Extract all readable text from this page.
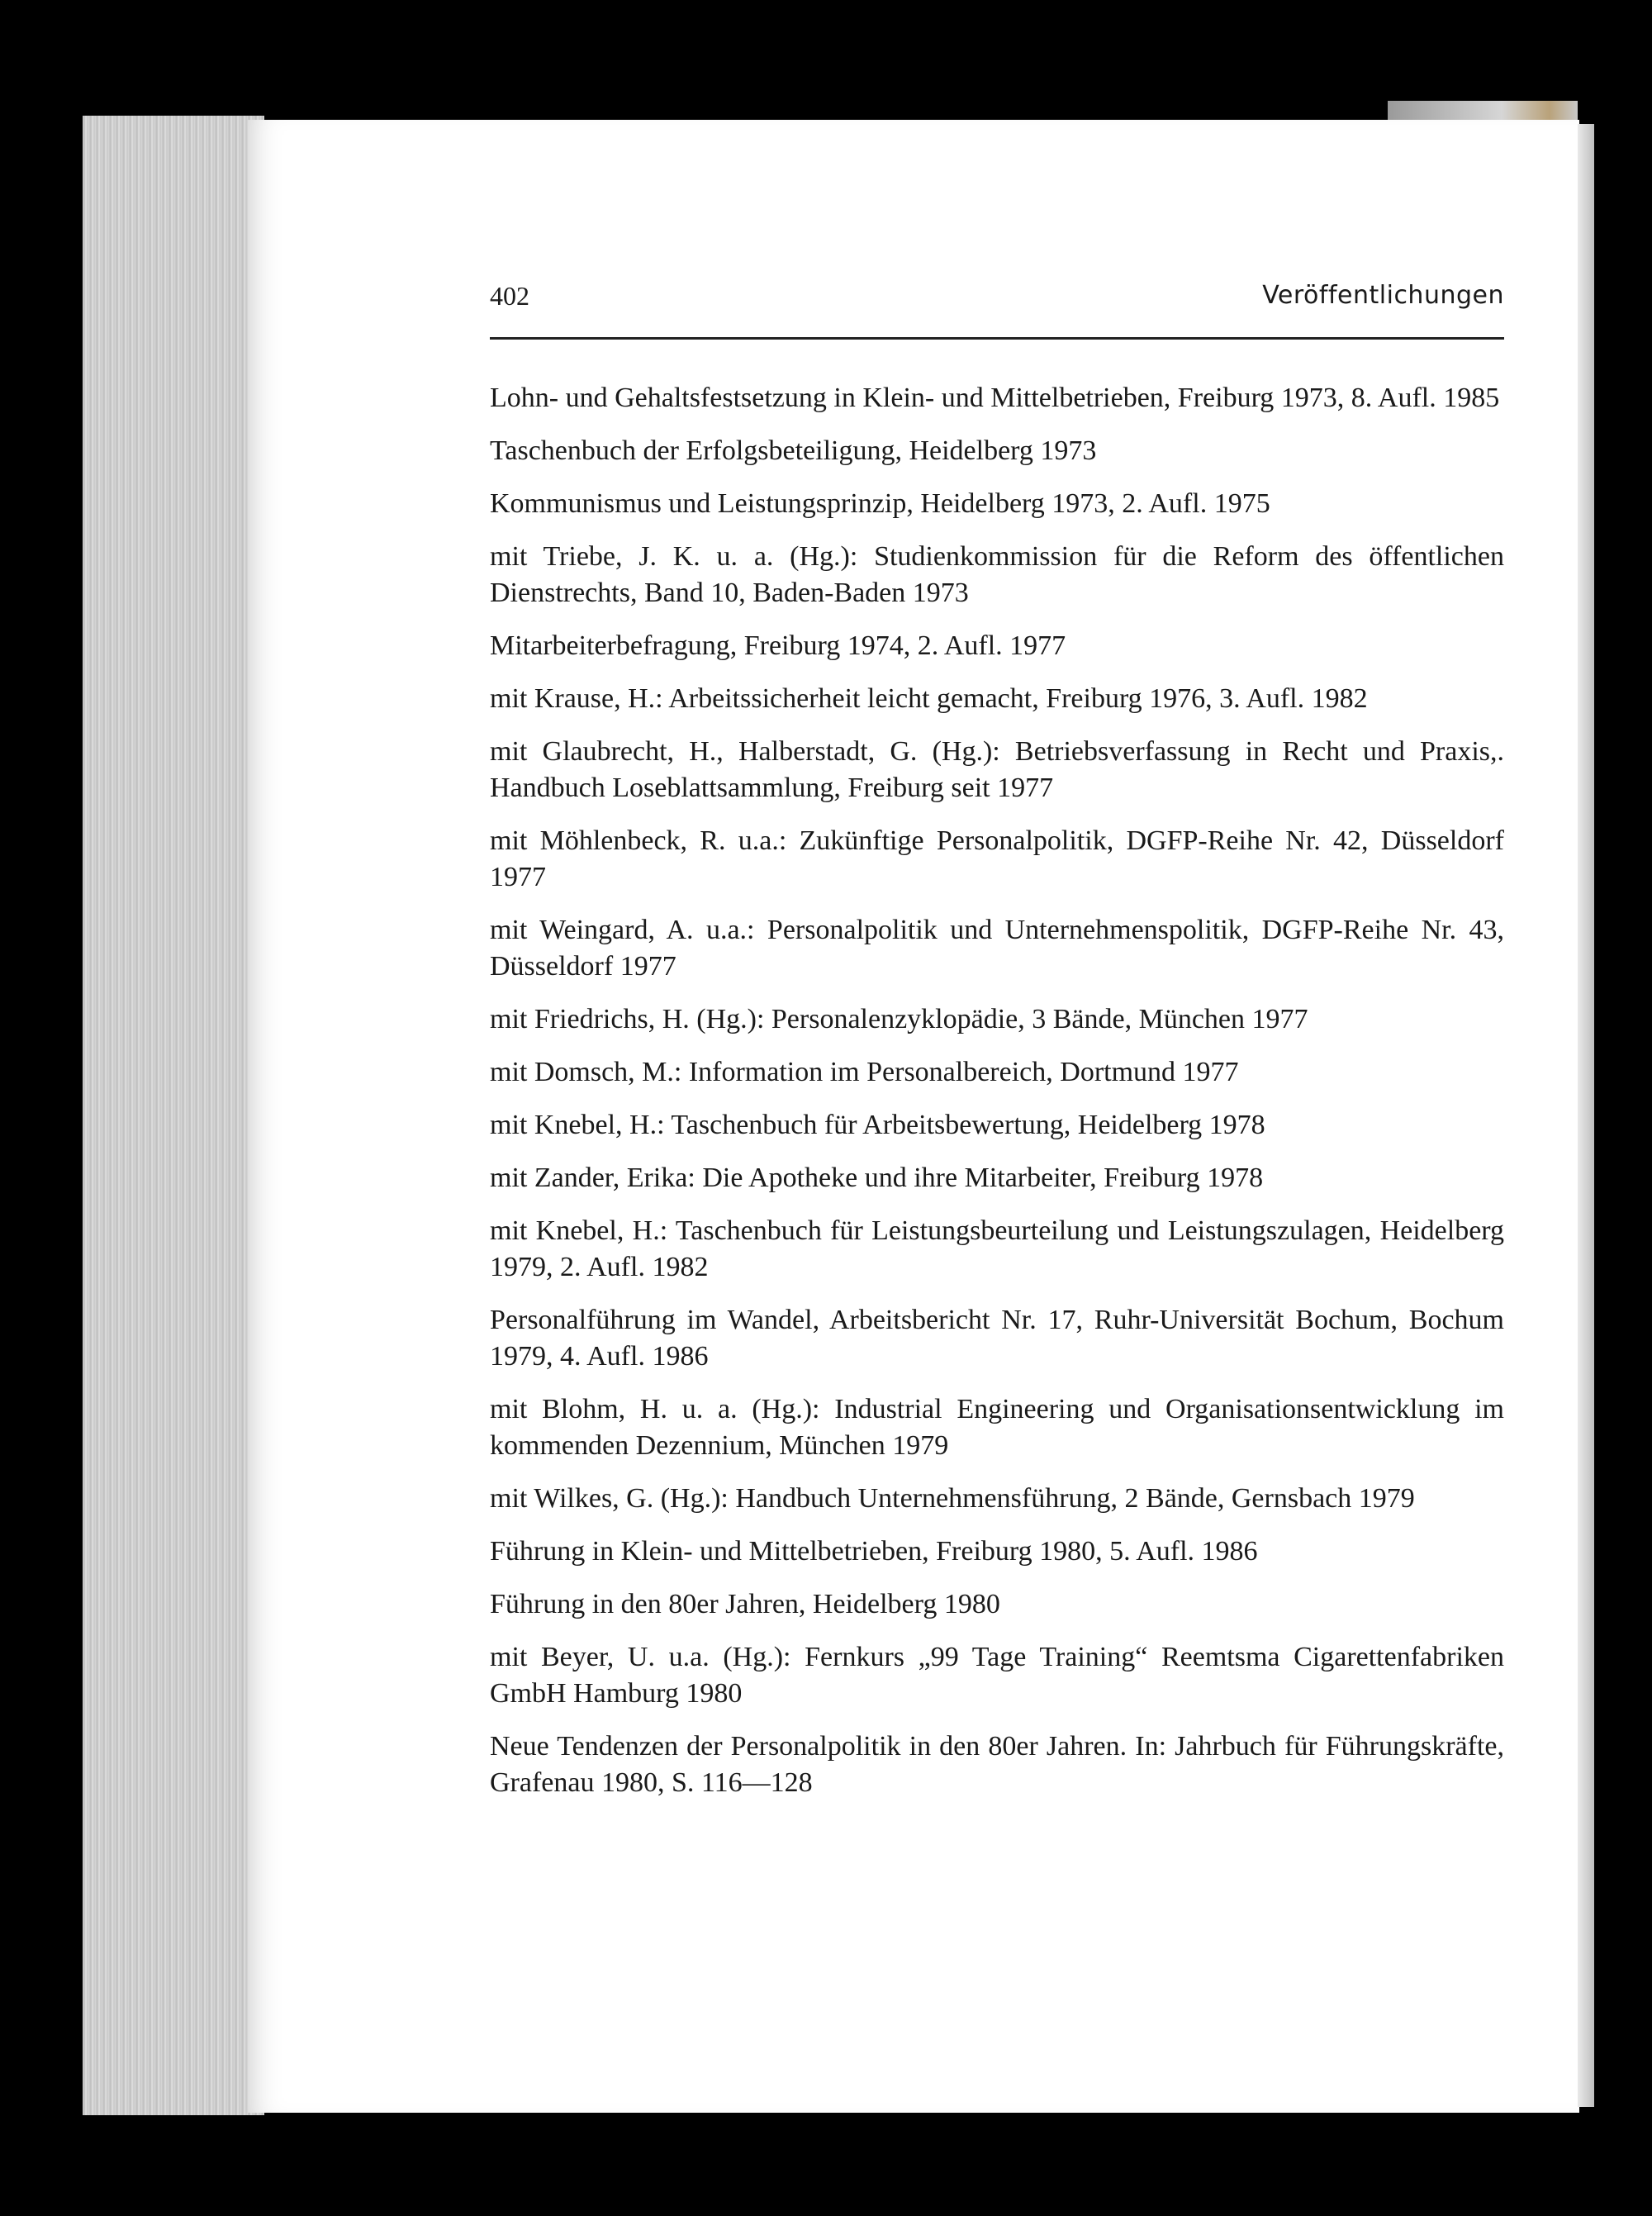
402	Veröffentlichungen

Lohn- und Gehaltsfestsetzung in Klein- und Mittelbetrieben, Freiburg 1973, 8. Aufl. 1985

Taschenbuch der Erfolgsbeteiligung, Heidelberg 1973

Kommunismus und Leistungsprinzip, Heidelberg 1973, 2. Aufl. 1975

mit Triebe, J. K. u. a. (Hg.): Studienkommission für die Reform des öffentlichen Dienstrechts, Band 10, Baden-Baden 1973

Mitarbeiterbefragung, Freiburg 1974, 2. Aufl. 1977

mit Krause, H.: Arbeitssicherheit leicht gemacht, Freiburg 1976, 3. Aufl. 1982

mit Glaubrecht, H., Halberstadt, G. (Hg.): Betriebsverfassung in Recht und Praxis,. Handbuch Loseblattsammlung, Freiburg seit 1977

mit Möhlenbeck, R. u.a.: Zukünftige Personalpolitik, DGFP-Reihe Nr. 42, Düsseldorf 1977

mit Weingard, A. u.a.: Personalpolitik und Unternehmenspolitik, DGFP-Reihe Nr. 43, Düsseldorf 1977

mit Friedrichs, H. (Hg.): Personalenzyklopädie, 3 Bände, München 1977

mit Domsch, M.: Information im Personalbereich, Dortmund 1977

mit Knebel, H.: Taschenbuch für Arbeitsbewertung, Heidelberg 1978

mit Zander, Erika: Die Apotheke und ihre Mitarbeiter, Freiburg 1978

mit Knebel, H.: Taschenbuch für Leistungsbeurteilung und Leistungszulagen, Heidelberg 1979, 2. Aufl. 1982

Personalführung im Wandel, Arbeitsbericht Nr. 17, Ruhr-Universität Bochum, Bochum 1979, 4. Aufl. 1986

mit Blohm, H. u. a. (Hg.): Industrial Engineering und Organisationsentwicklung im kommenden Dezennium, München 1979

mit Wilkes, G. (Hg.): Handbuch Unternehmensführung, 2 Bände, Gernsbach 1979

Führung in Klein- und Mittelbetrieben, Freiburg 1980, 5. Aufl. 1986

Führung in den 80er Jahren, Heidelberg 1980

mit Beyer, U. u.a. (Hg.): Fernkurs „99 Tage Training“ Reemtsma Cigarettenfabriken GmbH Hamburg 1980

Neue Tendenzen der Personalpolitik in den 80er Jahren. In: Jahrbuch für Führungskräfte, Grafenau 1980, S. 116—128
